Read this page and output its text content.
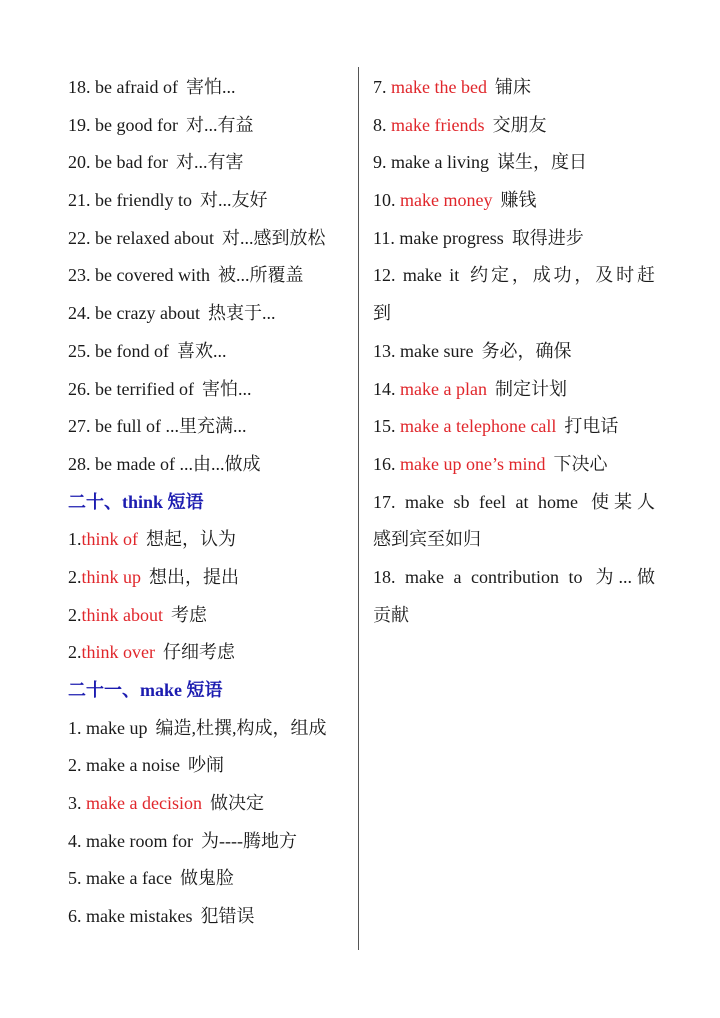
18. be afraid of 害怕...
19. be good for 对...有益
20. be bad for 对...有害
21. be friendly to 对...友好
22. be relaxed about 对...感到放松
23. be covered with 被...所覆盖
24. be crazy about 热衷于...
25. be fond of 喜欢...
26. be terrified of 害怕...
27. be full of ...里充满...
28. be made of ...由...做成
二十、think 短语
1.think of 想起，认为
2.think up 想出，提出
2.think about 考虑
2.think over 仔细考虑
二十一、make 短语
1. make up 编造,杜撰,构成，组成
2. make a noise 吵闹
3. make a decision 做决定
4. make room for 为----腾地方
5. make a face 做鬼脸
6. make mistakes 犯错误
7. make the bed 铺床
8. make friends 交朋友
9. make a living 谋生，度日
10. make money 赚钱
11. make progress 取得进步
12. make it 约定，成功，及时赶
到
13. make sure 务必，确保
14. make a plan 制定计划
15. make a telephone call 打电话
16. make up one’s mind 下决心
17. make sb feel at home 使某人
感到宾至如归
18. make a contribution to 为...做
贡献
